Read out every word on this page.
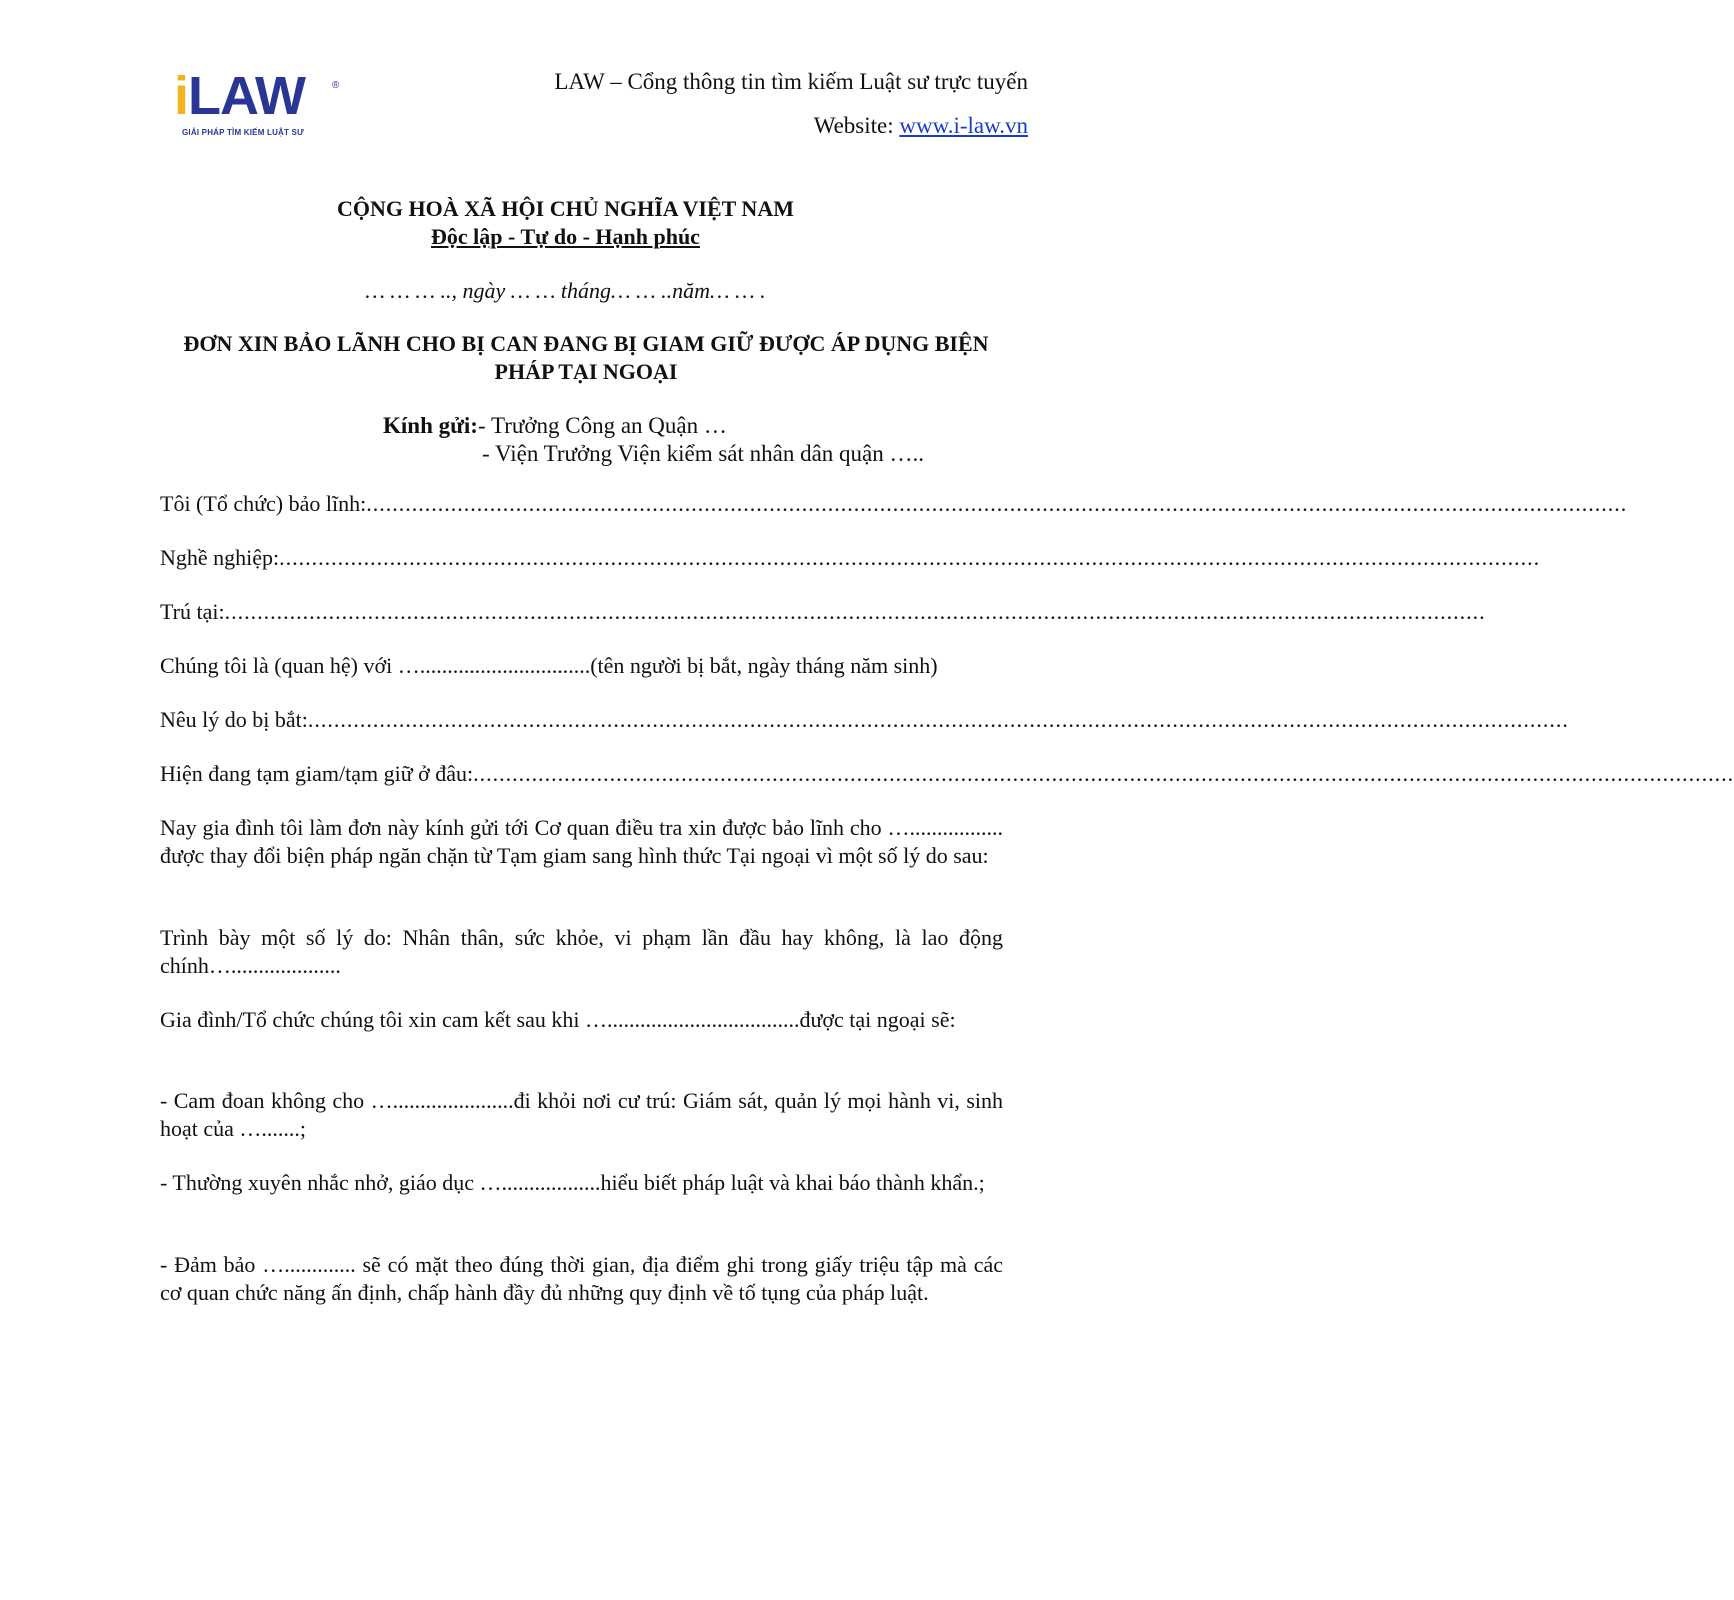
iLAW	®
GIẢI PHÁP TÌM KIẾM LUẬT SƯ
LAW – Cổng thông tin tìm kiếm Luật sư trực tuyến
Website: www.i-law.vn
CỘNG HOÀ XÃ HỘI CHỦ NGHĨA VIỆT NAM
Độc lập - Tự do - Hạnh phúc
… … … .., ngày … … tháng… … ..năm… … .
ĐƠN XIN BẢO LÃNH CHO BỊ CAN ĐANG BỊ GIAM GIỮ ĐƯỢC ÁP DỤNG BIỆN PHÁP TẠI NGOẠI
Kính gửi:- Trưởng Công an Quận …
- Viện Trưởng Viện kiểm sát nhân dân quận …..
Tôi (Tổ chức) bảo lĩnh: ..................................................................................................................................................................................................
Nghề nghiệp: ..................................................................................................................................................................................................
Trú tại: ..................................................................................................................................................................................................
Chúng tôi là (quan hệ) với …...............................(tên người bị bắt, ngày tháng năm sinh)
Nêu lý do bị bắt: ..................................................................................................................................................................................................
Hiện đang tạm giam/tạm giữ ở đâu: ..................................................................................................................................................................................................
Nay gia đình tôi làm đơn này kính gửi tới Cơ quan điều tra xin được bảo lĩnh cho …................. được thay đổi biện pháp ngăn chặn từ Tạm giam sang hình thức Tại ngoại vì một số lý do sau:
Trình bày một số lý do: Nhân thân, sức khỏe, vi phạm lần đầu hay không, là lao động chính…....................
Gia đình/Tổ chức chúng tôi xin cam kết sau khi …...................................được tại ngoại sẽ:
- Cam đoan không cho …......................đi khỏi nơi cư trú: Giám sát, quản lý mọi hành vi, sinh hoạt của ….......;
- Thường xuyên nhắc nhở, giáo dục …..................hiểu biết pháp luật và khai báo thành khẩn.;
- Đảm bảo …............. sẽ có mặt theo đúng thời gian, địa điểm ghi trong giấy triệu tập mà các cơ quan chức năng ấn định, chấp hành đầy đủ những quy định về tố tụng của pháp luật.
